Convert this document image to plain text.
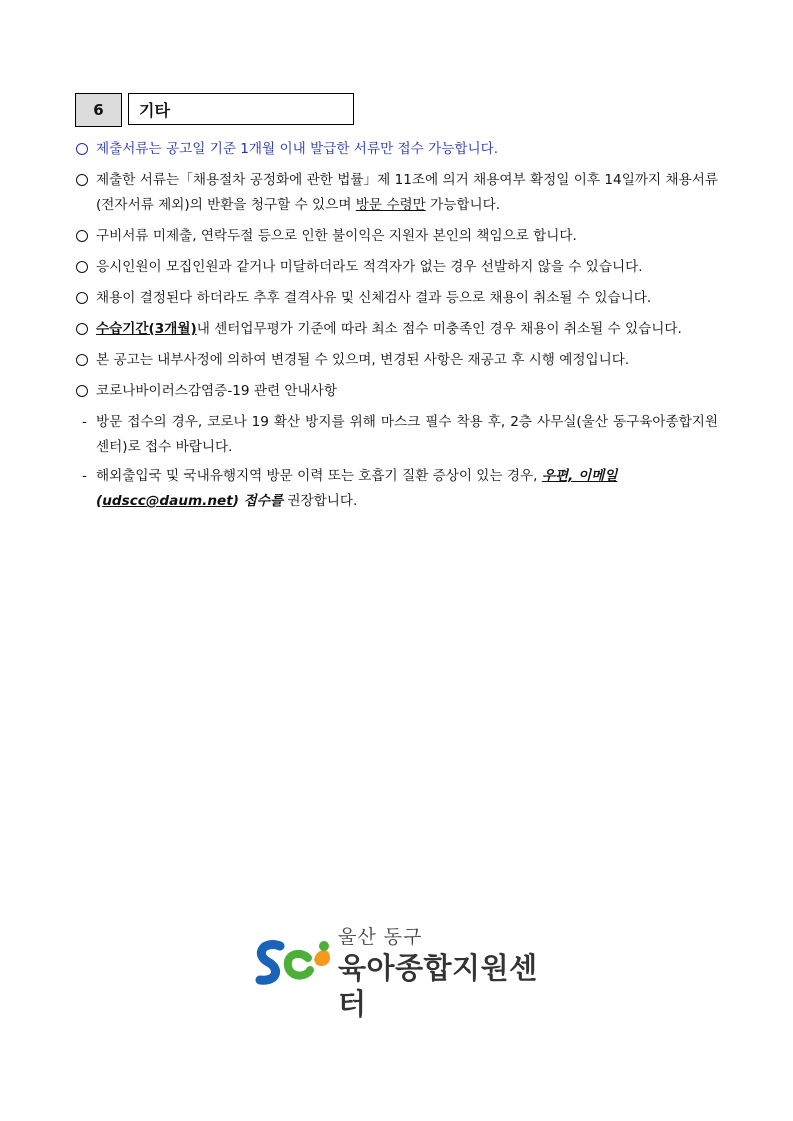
6	기타
제출서류는 공고일 기준 1개월 이내 발급한 서류만 접수 가능합니다.
제출한 서류는「채용절차 공정화에 관한 법률」제 11조에 의거 채용여부 확정일 이후 14일까지 채용서류(전자서류 제외)의 반환을 청구할 수 있으며 방문 수령만 가능합니다.
구비서류 미제출, 연락두절 등으로 인한 불이익은 지원자 본인의 책임으로 합니다.
응시인원이 모집인원과 같거나 미달하더라도 적격자가 없는 경우 선발하지 않을 수 있습니다.
채용이 결정된다 하더라도 추후 결격사유 및 신체검사 결과 등으로 채용이 취소될 수 있습니다.
수습기간(3개월)내 센터업무평가 기준에 따라 최소 점수 미충족인 경우 채용이 취소될 수 있습니다.
본 공고는 내부사정에 의하여 변경될 수 있으며, 변경된 사항은 재공고 후 시행 예정입니다.
코로나바이러스감염증-19 관련 안내사항
- 방문 접수의 경우, 코로나 19 확산 방지를 위해 마스크 필수 착용 후, 2층 사무실(울산 동구육아종합지원센터)로 접수 바랍니다.
- 해외출입국 및 국내유행지역 방문 이력 또는 호흡기 질환 증상이 있는 경우, 우편, 이메일
(udscc@daum.net) 접수를 권장합니다.
울산 동구
육아종합지원센터
